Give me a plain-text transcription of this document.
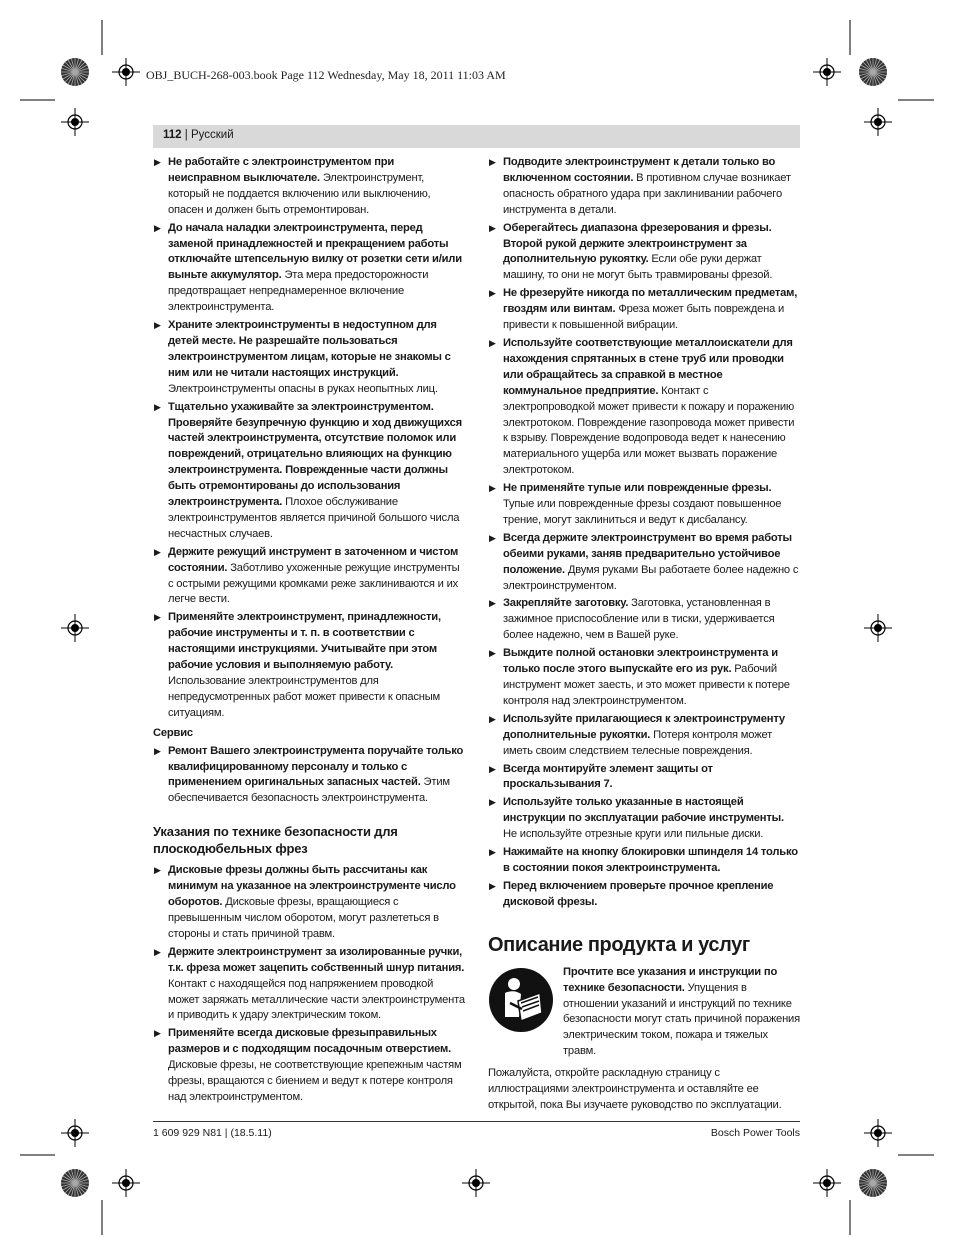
OBJ_BUCH-268-003.book Page 112 Wednesday, May 18, 2011 11:03 AM
112 | Русский
▶ Не работайте с электроинструментом при неисправном выключателе. Электроинструмент, который не поддается включению или выключению, опасен и должен быть отремонтирован.
▶ До начала наладки электроинструмента, перед заменой принадлежностей и прекращением работы отключайте штепсельную вилку от розетки сети и/или выньте аккумулятор. Эта мера предосторожности предотвращает непреднамеренное включение электроинструмента.
▶ Храните электроинструменты в недоступном для детей месте. Не разрешайте пользоваться электроинструментом лицам, которые не знакомы с ним или не читали настоящих инструкций. Электроинструменты опасны в руках неопытных лиц.
▶ Тщательно ухаживайте за электроинструментом. Проверяйте безупречную функцию и ход движущихся частей электроинструмента, отсутствие поломок или повреждений, отрицательно влияющих на функцию электроинструмента. Поврежденные части должны быть отремонтированы до использования электроинструмента. Плохое обслуживание электроинструментов является причиной большого числа несчастных случаев.
▶ Держите режущий инструмент в заточенном и чистом состоянии. Заботливо ухоженные режущие инструменты с острыми режущими кромками реже заклиниваются и их легче вести.
▶ Применяйте электроинструмент, принадлежности, рабочие инструменты и т. п. в соответствии с настоящими инструкциями. Учитывайте при этом рабочие условия и выполняемую работу. Использование электроинструментов для непредусмотренных работ может привести к опасным ситуациям.
Сервис
▶ Ремонт Вашего электроинструмента поручайте только квалифицированному персоналу и только с применением оригинальных запасных частей. Этим обеспечивается безопасность электроинструмента.
Указания по технике безопасности для плоскодюбельных фрез
▶ Дисковые фрезы должны быть рассчитаны как минимум на указанное на электроинструменте число оборотов. Дисковые фрезы, вращающиеся с превышенным числом оборотом, могут разлететься в стороны и стать причиной травм.
▶ Держите электроинструмент за изолированные ручки, т.к. фреза может зацепить собственный шнур питания. Контакт с находящейся под напряжением проводкой может заряжать металлические части электроинструмента и приводить к удару электрическим током.
▶ Применяйте всегда дисковые фрезыправильных размеров и с подходящим посадочным отверстием. Дисковые фрезы, не соответствующие крепежным частям фрезы, вращаются с биением и ведут к потере контроля над электроинструментом.
▶ Подводите электроинструмент к детали только во включенном состоянии. В противном случае возникает опасность обратного удара при заклинивании рабочего инструмента в детали.
▶ Оберегайтесь диапазона фрезерования и фрезы. Второй рукой держите электроинструмент за дополнительную рукоятку. Если обе руки держат машину, то они не могут быть травмированы фрезой.
▶ Не фрезеруйте никогда по металлическим предметам, гвоздям или винтам. Фреза может быть повреждена и привести к повышенной вибрации.
▶ Используйте соответствующие металлоискатели для нахождения спрятанных в стене труб или проводки или обращайтесь за справкой в местное коммунальное предприятие. Контакт с электропроводкой может привести к пожару и поражению электротоком. Повреждение газопровода может привести к взрыву. Повреждение водопровода ведет к нанесению материального ущерба или может вызвать поражение электротоком.
▶ Не применяйте тупые или поврежденные фрезы. Тупые или поврежденные фрезы создают повышенное трение, могут заклиниться и ведут к дисбалансу.
▶ Всегда держите электроинструмент во время работы обеими руками, заняв предварительно устойчивое положение. Двумя руками Вы работаете более надежно с электроинструментом.
▶ Закрепляйте заготовку. Заготовка, установленная в зажимное приспособление или в тиски, удерживается более надежно, чем в Вашей руке.
▶ Выждите полной остановки электроинструмента и только после этого выпускайте его из рук. Рабочий инструмент может заесть, и это может привести к потере контроля над электроинструментом.
▶ Используйте прилагающиеся к электроинструменту дополнительные рукоятки. Потеря контроля может иметь своим следствием телесные повреждения.
▶ Всегда монтируйте элемент защиты от проскальзывания 7.
▶ Используйте только указанные в настоящей инструкции по эксплуатации рабочие инструменты. Не используйте отрезные круги или пильные диски.
▶ Нажимайте на кнопку блокировки шпинделя 14 только в состоянии покоя электроинструмента.
▶ Перед включением проверьте прочное крепление дисковой фрезы.
Описание продукта и услуг
Прочтите все указания и инструкции по технике безопасности. Упущения в отношении указаний и инструкций по технике безопасности могут стать причиной поражения электрическим током, пожара и тяжелых травм.
Пожалуйста, откройте раскладную страницу с иллюстрациями электроинструмента и оставляйте ее открытой, пока Вы изучаете руководство по эксплуатации.
1 609 929 N81 | (18.5.11)	Bosch Power Tools
